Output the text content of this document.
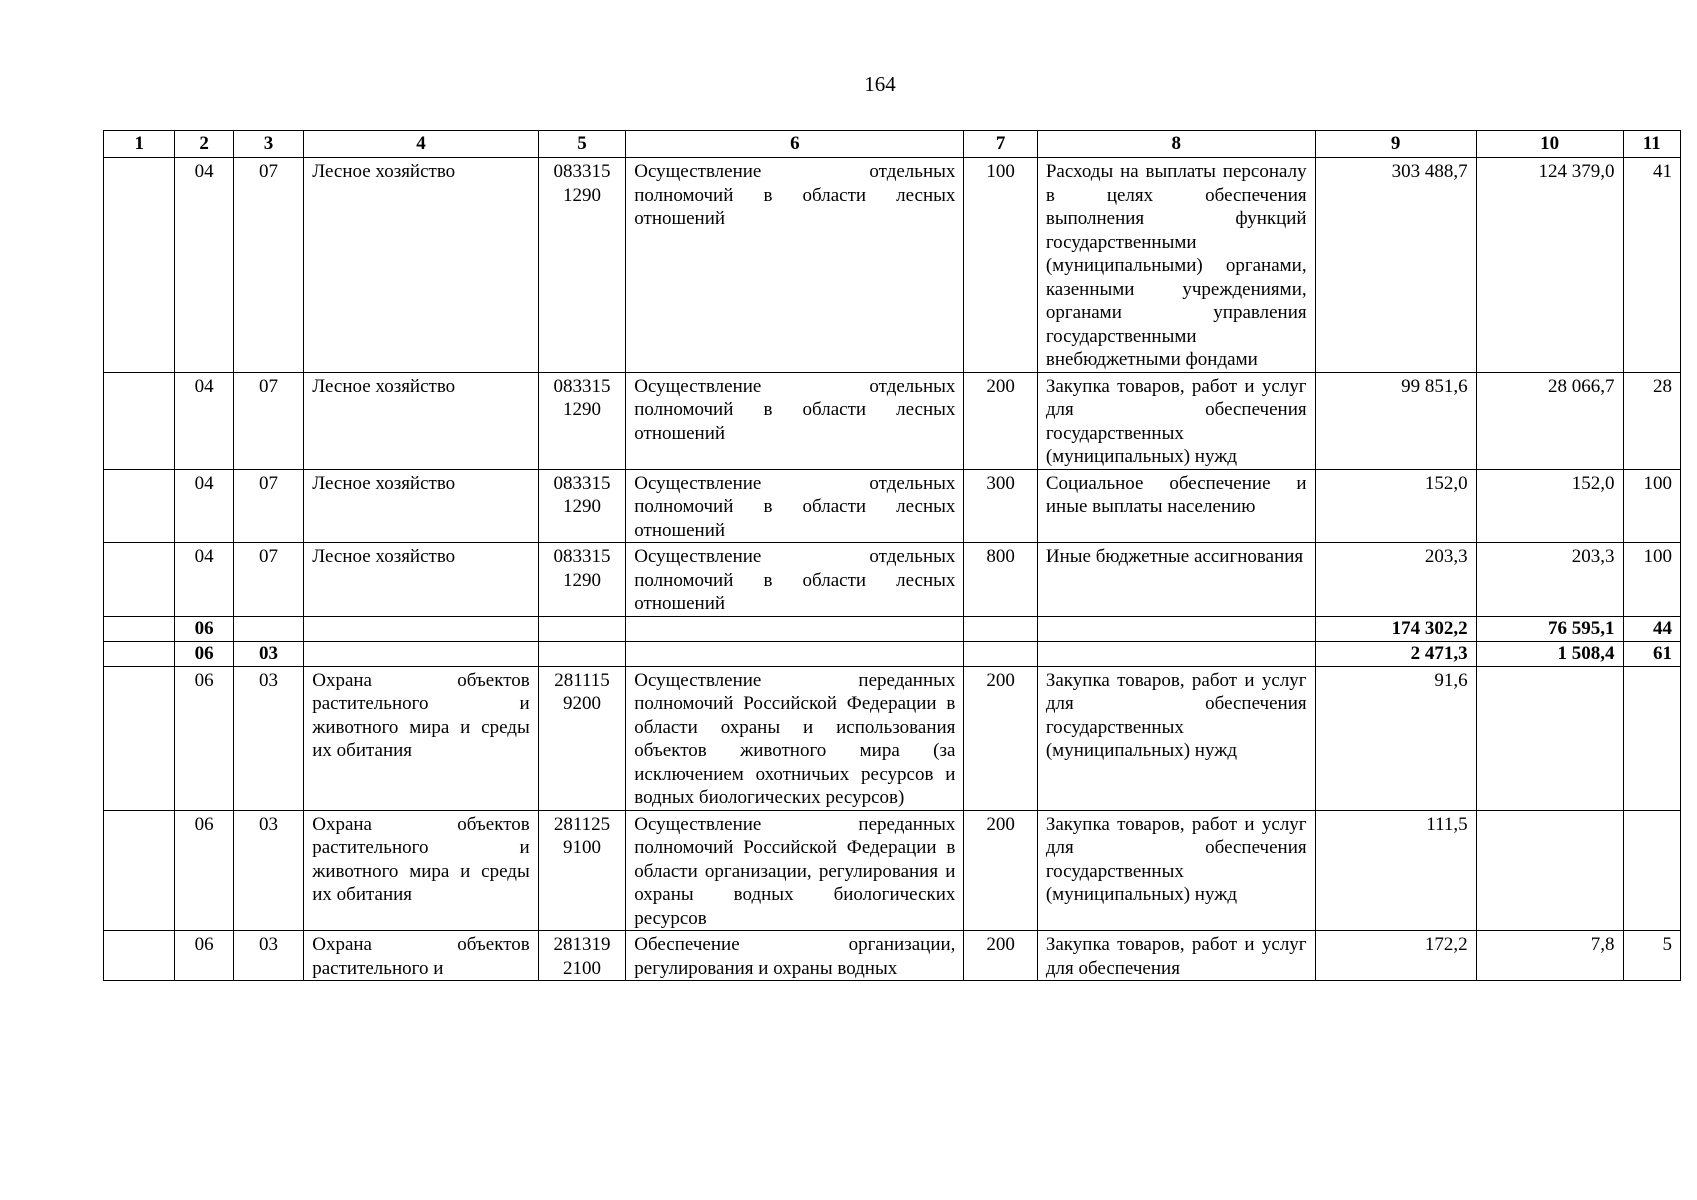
164
1	2	3	4	5	6	7	8	9	10	11
	04	07	Лесное хозяйство	083315 1290	Осуществление отдельных полномочий в области лесных отношений	100	Расходы на выплаты персоналу в целях обеспечения выполнения функций государственными (муниципальными) органами, казенными учреждениями, органами управления государственными внебюджетными фондами	303 488,7	124 379,0	41
	04	07	Лесное хозяйство	083315 1290	Осуществление отдельных полномочий в области лесных отношений	200	Закупка товаров, работ и услуг для обеспечения государственных (муниципальных) нужд	99 851,6	28 066,7	28
	04	07	Лесное хозяйство	083315 1290	Осуществление отдельных полномочий в области лесных отношений	300	Социальное обеспечение и иные выплаты населению	152,0	152,0	100
	04	07	Лесное хозяйство	083315 1290	Осуществление отдельных полномочий в области лесных отношений	800	Иные бюджетные ассигнования	203,3	203,3	100
	06							174 302,2	76 595,1	44
	06	03						2 471,3	1 508,4	61
	06	03	Охрана объектов растительного и животного мира и среды их обитания	281115 9200	Осуществление переданных полномочий Российской Федерации в области охраны и использования объектов животного мира (за исключением охотничьих ресурсов и водных биологических ресурсов)	200	Закупка товаров, работ и услуг для обеспечения государственных (муниципальных) нужд	91,6		
	06	03	Охрана объектов растительного и животного мира и среды их обитания	281125 9100	Осуществление переданных полномочий Российской Федерации в области организации, регулирования и охраны водных биологических ресурсов	200	Закупка товаров, работ и услуг для обеспечения государственных (муниципальных) нужд	111,5		
	06	03	Охрана объектов растительного и	281319 2100	Обеспечение организации, регулирования и охраны водных	200	Закупка товаров, работ и услуг для обеспечения	172,2	7,8	5
